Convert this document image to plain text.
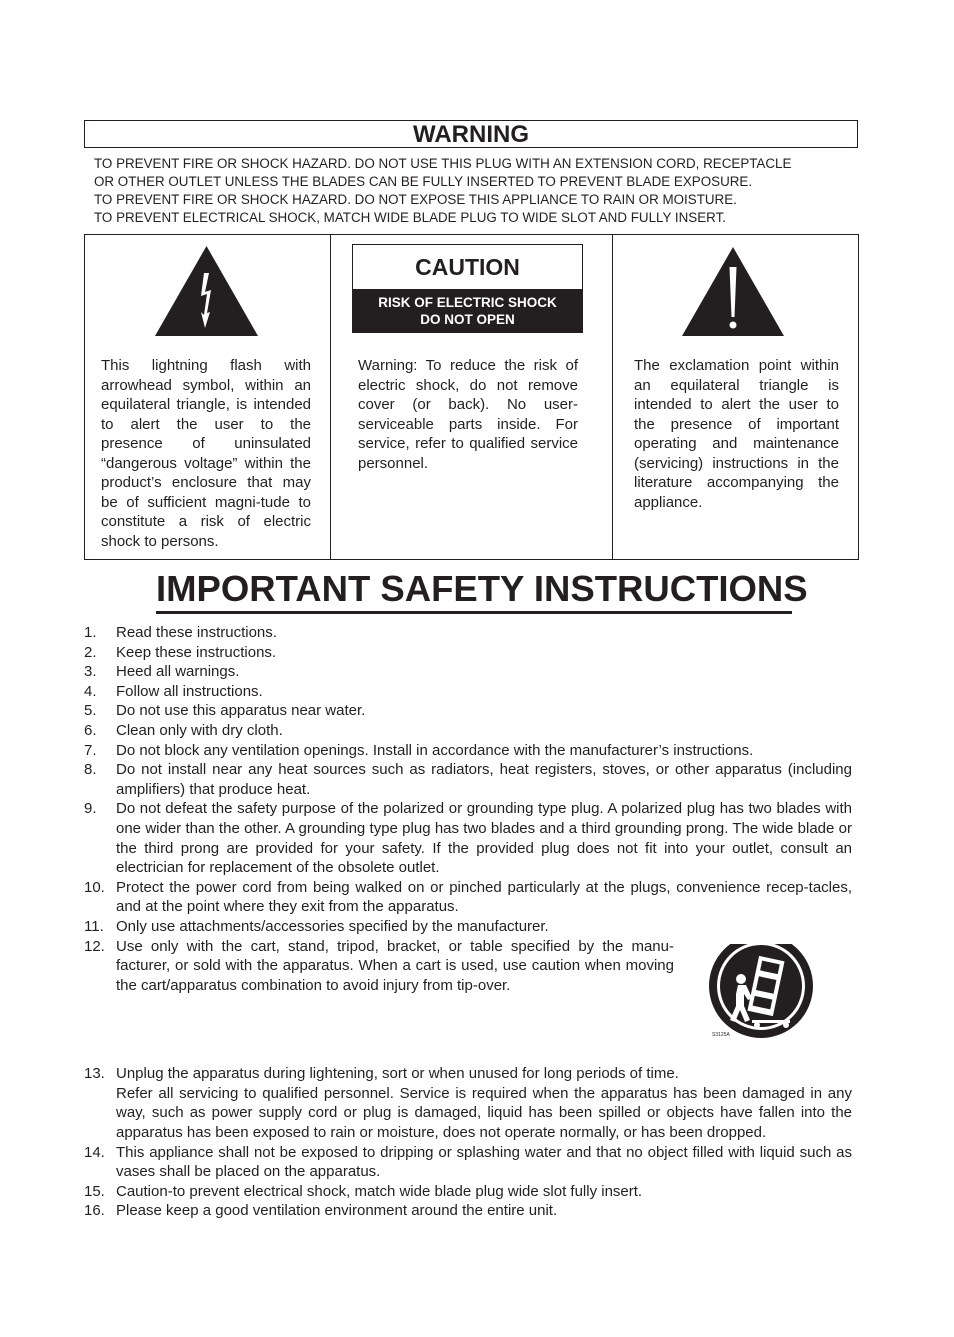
WARNING
TO PREVENT FIRE OR SHOCK HAZARD. DO NOT USE THIS PLUG WITH AN EXTENSION CORD, RECEPTACLE
OR OTHER OUTLET UNLESS THE BLADES CAN BE FULLY INSERTED TO PREVENT BLADE EXPOSURE.
TO PREVENT FIRE OR SHOCK HAZARD. DO NOT EXPOSE THIS APPLIANCE TO RAIN OR MOISTURE.
TO PREVENT ELECTRICAL SHOCK, MATCH WIDE BLADE PLUG TO WIDE SLOT AND FULLY INSERT.
This lightning flash with arrowhead symbol, within an equilateral triangle, is intended to alert the user to the presence of uninsulated “dangerous voltage” within the product’s enclosure that may be of sufficient magni-tude to constitute a risk of electric shock to persons.
CAUTION
RISK OF ELECTRIC SHOCK
DO NOT OPEN
Warning: To reduce the risk of electric shock, do not remove cover (or back). No user-serviceable parts inside. For service, refer to qualified service personnel.
The exclamation point within an equilateral triangle is intended to alert the user to the presence of important operating and maintenance (servicing) instructions in the literature accompanying the appliance.
IMPORTANT SAFETY INSTRUCTIONS
1. Read these instructions.
2. Keep these instructions.
3. Heed all warnings.
4. Follow all instructions.
5. Do not use this apparatus near water.
6. Clean only with dry cloth.
7. Do not block any ventilation openings. Install in accordance with the manufacturer’s instructions.
8. Do not install near any heat sources such as radiators, heat registers, stoves, or other apparatus (including amplifiers) that produce heat.
9. Do not defeat the safety purpose of the polarized or grounding type plug. A polarized plug has two blades with one wider than the other. A grounding type plug has two blades and a third grounding prong. The wide blade or the third prong are provided for your safety. If the provided plug does not fit into your outlet, consult an electrician for replacement of the obsolete outlet.
10. Protect the power cord from being walked on or pinched particularly at the plugs, convenience recep-tacles, and at the point where they exit from the apparatus.
11. Only use attachments/accessories specified by the manufacturer.
12. Use only with the cart, stand, tripod, bracket, or table specified by the manu-facturer, or sold with the apparatus. When a cart is used, use caution when moving the cart/apparatus combination to avoid injury from tip-over.
13. Unplug the apparatus during lightening, sort or when unused for long periods of time.
Refer all servicing to qualified personnel. Service is required when the apparatus has been damaged in any way, such as power supply cord or plug is damaged, liquid has been spilled or objects have fallen into the apparatus has been exposed to rain or moisture, does not operate normally, or has been dropped.
14. This appliance shall not be exposed to dripping or splashing water and that no object filled with liquid such as vases shall be placed on the apparatus.
15. Caution-to prevent electrical shock, match wide blade plug wide slot fully insert.
16. Please keep a good ventilation environment around the entire unit.
S3125A
